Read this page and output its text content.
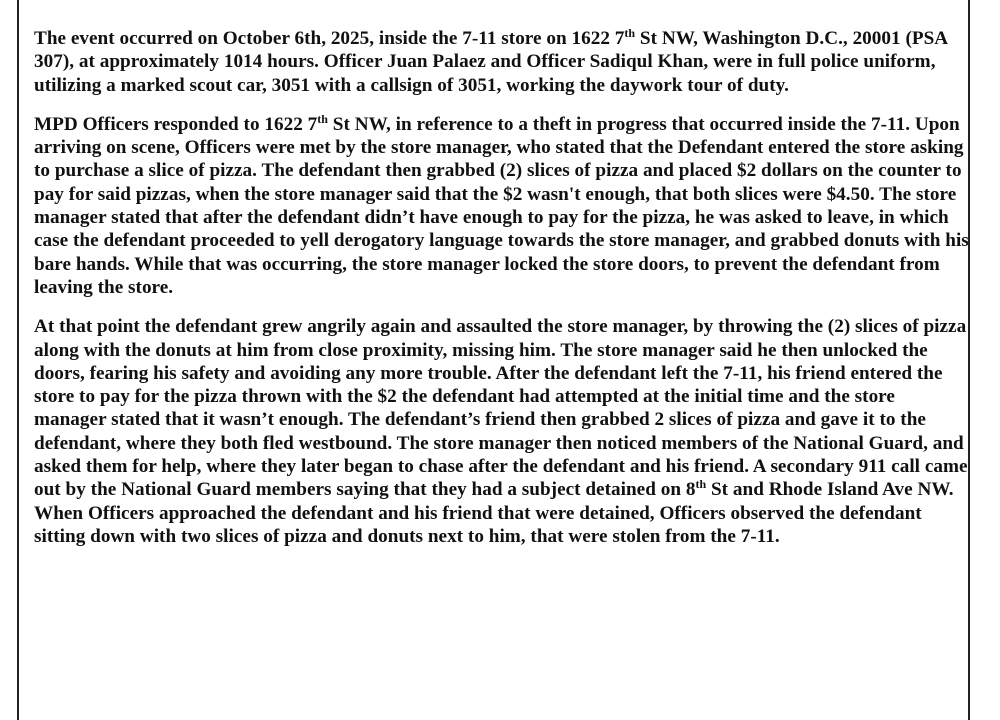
The event occurred on October 6th, 2025, inside the 7-11 store on 1622 7th St NW, Washington D.C., 20001 (PSA 307), at approximately 1014 hours. Officer Juan Palaez and Officer Sadiqul Khan, were in full police uniform, utilizing a marked scout car, 3051 with a callsign of 3051, working the daywork tour of duty.

MPD Officers responded to 1622 7th St NW, in reference to a theft in progress that occurred inside the 7-11. Upon arriving on scene, Officers were met by the store manager, who stated that the Defendant entered the store asking to purchase a slice of pizza. The defendant then grabbed (2) slices of pizza and placed $2 dollars on the counter to pay for said pizzas, when the store manager said that the $2 wasn't enough, that both slices were $4.50. The store manager stated that after the defendant didn’t have enough to pay for the pizza, he was asked to leave, in which case the defendant proceeded to yell derogatory language towards the store manager, and grabbed donuts with his bare hands. While that was occurring, the store manager locked the store doors, to prevent the defendant from leaving the store.

At that point the defendant grew angrily again and assaulted the store manager, by throwing the (2) slices of pizza along with the donuts at him from close proximity, missing him. The store manager said he then unlocked the doors, fearing his safety and avoiding any more trouble. After the defendant left the 7-11, his friend entered the store to pay for the pizza thrown with the $2 the defendant had attempted at the initial time and the store manager stated that it wasn’t enough. The defendant’s friend then grabbed 2 slices of pizza and gave it to the defendant, where they both fled westbound. The store manager then noticed members of the National Guard, and asked them for help, where they later began to chase after the defendant and his friend. A secondary 911 call came out by the National Guard members saying that they had a subject detained on 8th St and Rhode Island Ave NW. When Officers approached the defendant and his friend that were detained, Officers observed the defendant sitting down with two slices of pizza and donuts next to him, that were stolen from the 7-11.
